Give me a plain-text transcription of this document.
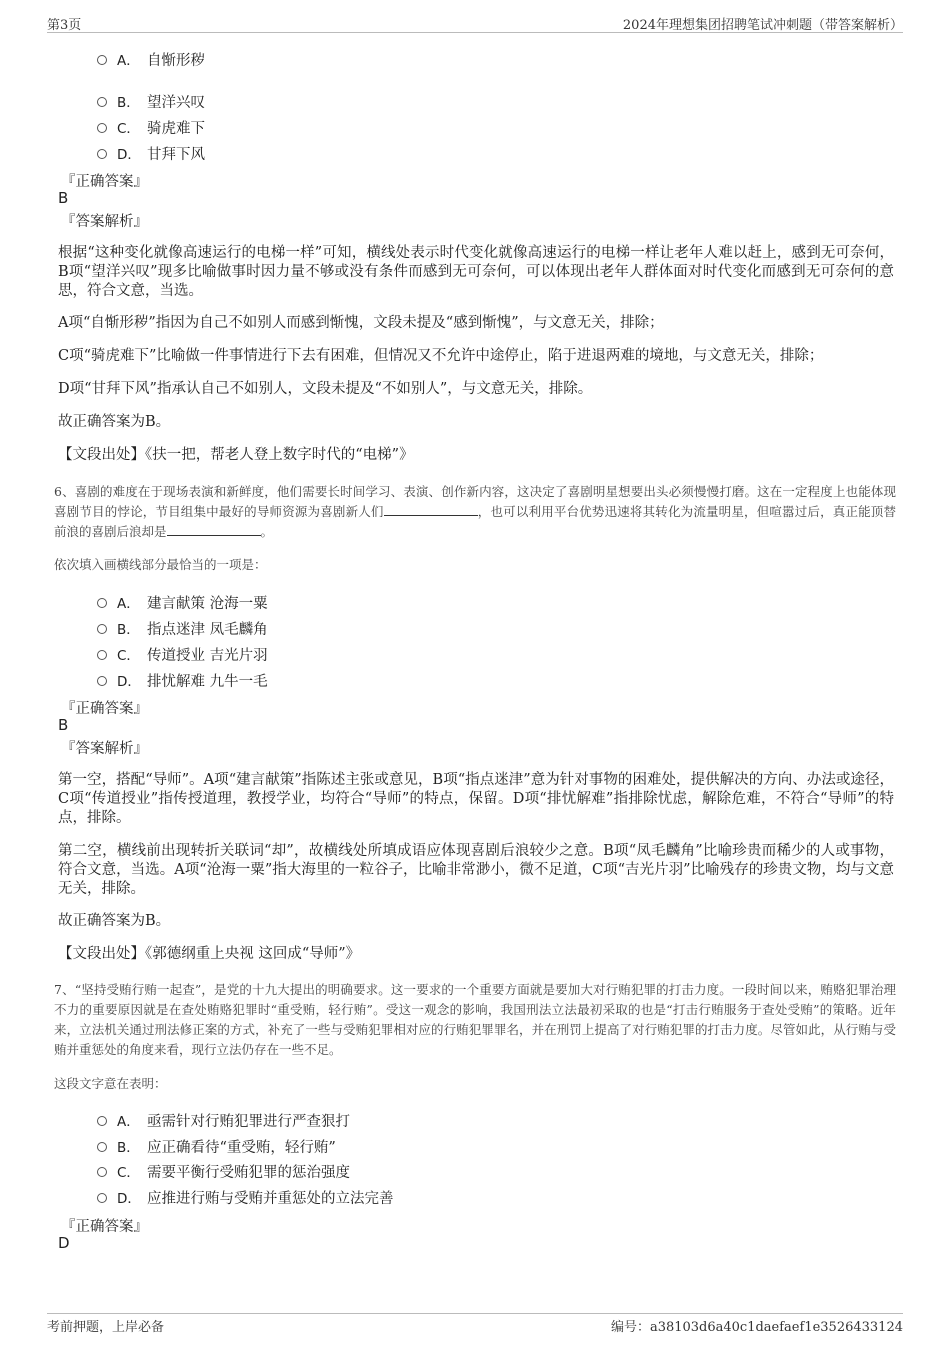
第3页	2024年理想集团招聘笔试冲刺题（带答案解析）
A． 自惭形秽
B． 望洋兴叹
C． 骑虎难下
D． 甘拜下风
『正确答案』
B
『答案解析』
根据“这种变化就像高速运行的电梯一样”可知，横线处表示时代变化就像高速运行的电梯一样让老年人难以赶上，感到无可奈何，B项“望洋兴叹”现多比喻做事时因力量不够或没有条件而感到无可奈何，可以体现出老年人群体面对时代变化而感到无可奈何的意思，符合文意，当选。
A项“自惭形秽”指因为自己不如别人而感到惭愧，文段未提及“感到惭愧”，与文意无关，排除；
C项“骑虎难下”比喻做一件事情进行下去有困难，但情况又不允许中途停止，陷于进退两难的境地，与文意无关，排除；
D项“甘拜下风”指承认自己不如别人，文段未提及“不如别人”，与文意无关，排除。
故正确答案为B。
【文段出处】《扶一把，帮老人登上数字时代的“电梯”》
6、喜剧的难度在于现场表演和新鲜度，他们需要长时间学习、表演、创作新内容，这决定了喜剧明星想要出头必须慢慢打磨。这在一定程度上也能体现喜剧节目的悖论，节目组集中最好的导师资源为喜剧新人们	，也可以利用平台优势迅速将其转化为流量明星，但喧嚣过后，真正能顶替前浪的喜剧后浪却是	。
依次填入画横线部分最恰当的一项是：
A． 建言献策 沧海一粟
B． 指点迷津 凤毛麟角
C． 传道授业 吉光片羽
D． 排忧解难 九牛一毛
『正确答案』
B
『答案解析』
第一空，搭配“导师”。A项“建言献策”指陈述主张或意见，B项“指点迷津”意为针对事物的困难处，提供解决的方向、办法或途径，C项“传道授业”指传授道理，教授学业，均符合“导师”的特点，保留。D项“排忧解难”指排除忧虑，解除危难，不符合“导师”的特点，排除。
第二空，横线前出现转折关联词“却”，故横线处所填成语应体现喜剧后浪较少之意。B项“凤毛麟角”比喻珍贵而稀少的人或事物，符合文意，当选。A项“沧海一粟”指大海里的一粒谷子，比喻非常渺小，微不足道，C项“吉光片羽”比喻残存的珍贵文物，均与文意无关，排除。
故正确答案为B。
【文段出处】《郭德纲重上央视 这回成“导师”》
7、“坚持受贿行贿一起查”，是党的十九大提出的明确要求。这一要求的一个重要方面就是要加大对行贿犯罪的打击力度。一段时间以来，贿赂犯罪治理不力的重要原因就是在查处贿赂犯罪时“重受贿，轻行贿”。受这一观念的影响，我国刑法立法最初采取的也是“打击行贿服务于查处受贿”的策略。近年来，立法机关通过刑法修正案的方式，补充了一些与受贿犯罪相对应的行贿犯罪罪名，并在刑罚上提高了对行贿犯罪的打击力度。尽管如此，从行贿与受贿并重惩处的角度来看，现行立法仍存在一些不足。
这段文字意在表明：
A． 亟需针对行贿犯罪进行严查狠打
B． 应正确看待“重受贿，轻行贿”
C． 需要平衡行受贿犯罪的惩治强度
D． 应推进行贿与受贿并重惩处的立法完善
『正确答案』
D
考前押题，上岸必备	编号：a38103d6a40c1daefaef1e3526433124
